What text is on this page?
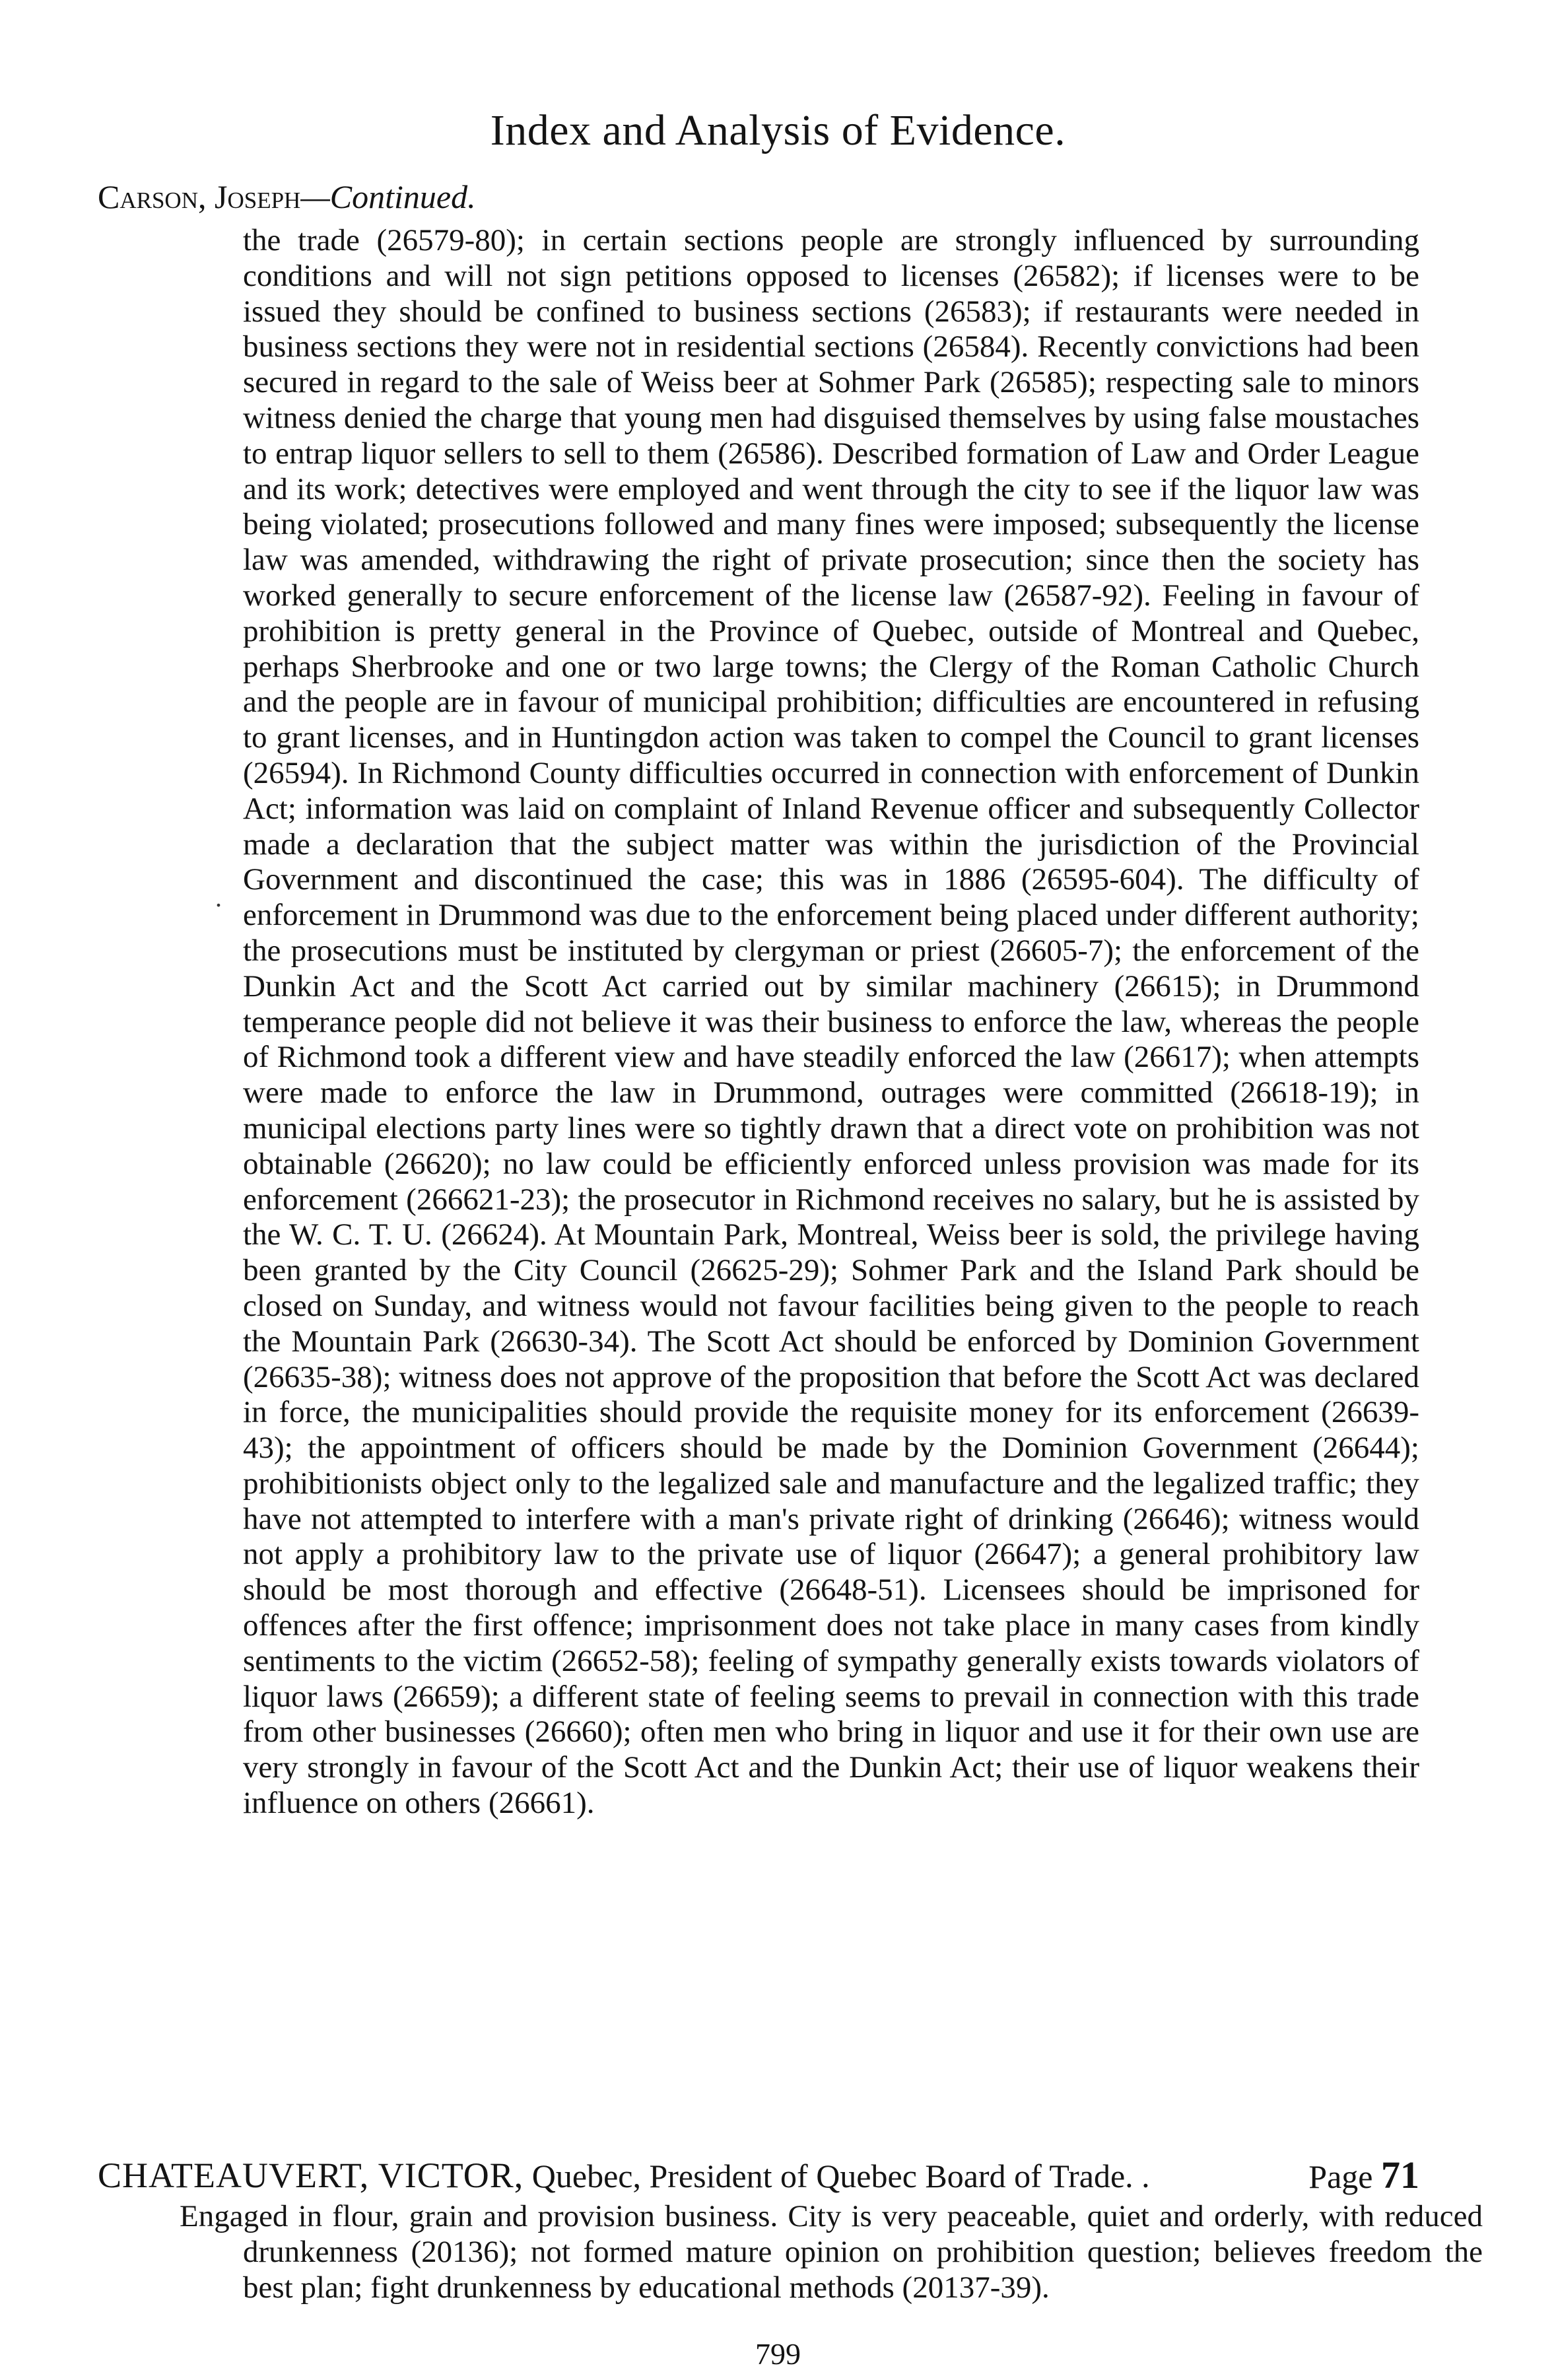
Index and Analysis of Evidence.
Carson, Joseph—Continued.

the trade (26579-80); in certain sections people are strongly influenced by surrounding conditions and will not sign petitions opposed to licenses (26582); if licenses were to be issued they should be confined to business sections (26583); if restaurants were needed in business sections they were not in residential sections (26584). Recently convictions had been secured in regard to the sale of Weiss beer at Sohmer Park (26585); respecting sale to minors witness denied the charge that young men had disguised themselves by using false moustaches to entrap liquor sellers to sell to them (26586). Described formation of Law and Order League and its work; detectives were employed and went through the city to see if the liquor law was being violated; prosecutions followed and many fines were imposed; subsequently the license law was amended, withdrawing the right of private prosecution; since then the society has worked generally to secure enforcement of the license law (26587-92). Feeling in favour of prohibition is pretty general in the Province of Quebec, outside of Montreal and Quebec, perhaps Sherbrooke and one or two large towns; the Clergy of the Roman Catholic Church and the people are in favour of municipal prohibition; difficulties are encountered in refusing to grant licenses, and in Huntingdon action was taken to compel the Council to grant licenses (26594). In Richmond County difficulties occurred in connection with enforcement of Dunkin Act; information was laid on complaint of Inland Revenue officer and subsequently Collector made a declaration that the subject matter was within the jurisdiction of the Provincial Government and discontinued the case; this was in 1886 (26595-604). The difficulty of enforcement in Drummond was due to the enforcement being placed under different authority; the prosecutions must be instituted by clergyman or priest (26605-7); the enforcement of the Dunkin Act and the Scott Act carried out by similar machinery (26615); in Drummond temperance people did not believe it was their business to enforce the law, whereas the people of Richmond took a different view and have steadily enforced the law (26617); when attempts were made to enforce the law in Drummond, outrages were committed (26618-19); in municipal elections party lines were so tightly drawn that a direct vote on prohibition was not obtainable (26620); no law could be efficiently enforced unless provision was made for its enforcement (266621-23); the prosecutor in Richmond receives no salary, but he is assisted by the W. C. T. U. (26624). At Mountain Park, Montreal, Weiss beer is sold, the privilege having been granted by the City Council (26625-29); Sohmer Park and the Island Park should be closed on Sunday, and witness would not favour facilities being given to the people to reach the Mountain Park (26630-34). The Scott Act should be enforced by Dominion Government (26635-38); witness does not approve of the proposition that before the Scott Act was declared in force, the municipalities should provide the requisite money for its enforcement (26639-43); the appointment of officers should be made by the Dominion Government (26644); prohibitionists object only to the legalized sale and manufacture and the legalized traffic; they have not attempted to interfere with a man's private right of drinking (26646); witness would not apply a prohibitory law to the private use of liquor (26647); a general prohibitory law should be most thorough and effective (26648-51). Licensees should be imprisoned for offences after the first offence; imprisonment does not take place in many cases from kindly sentiments to the victim (26652-58); feeling of sympathy generally exists towards violators of liquor laws (26659); a different state of feeling seems to prevail in connection with this trade from other businesses (26660); often men who bring in liquor and use it for their own use are very strongly in favour of the Scott Act and the Dunkin Act; their use of liquor weakens their influence on others (26661).

.
CHATEAUVERT, VICTOR, Quebec, President of Quebec Board of Trade. .	Page 71

Engaged in flour, grain and provision business. City is very peaceable, quiet and orderly, with reduced drunkenness (20136); not formed mature opinion on prohibition question; believes freedom the best plan; fight drunkenness by educational methods (20137-39).

799
